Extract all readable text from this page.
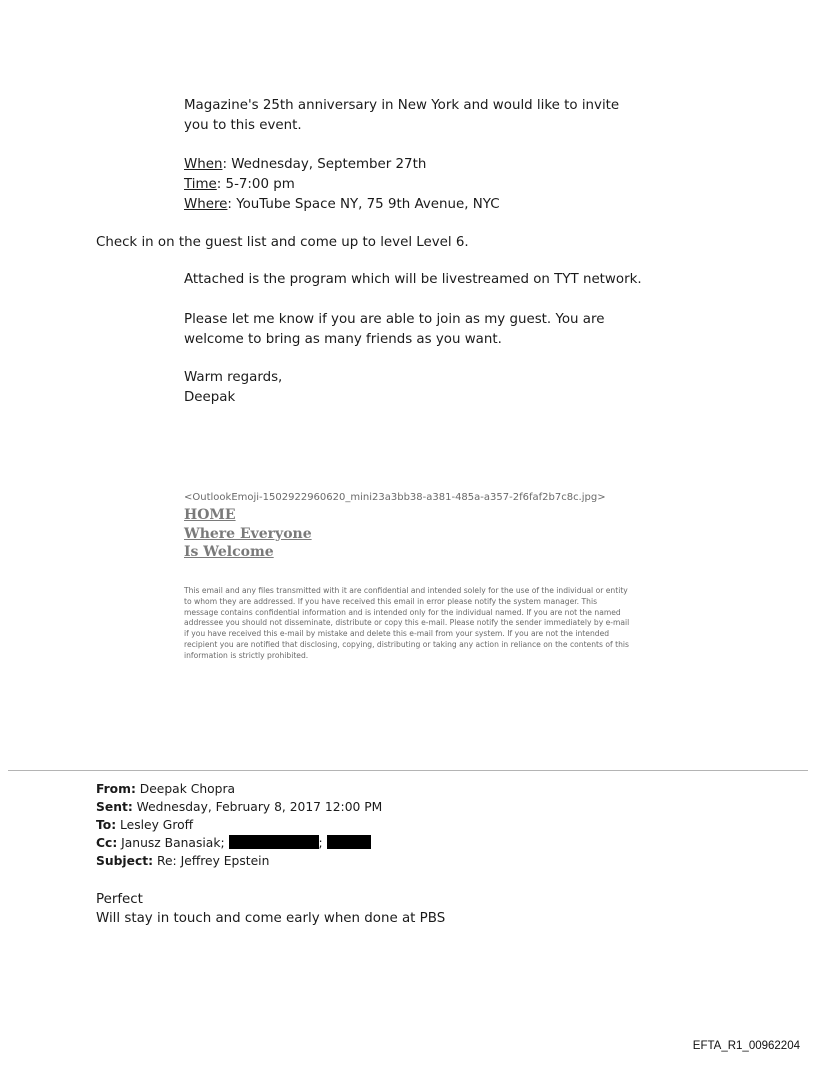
Magazine's 25th anniversary in New York and would like to invite
you to this event.
When: Wednesday, September 27th
Time: 5-7:00 pm
Where: YouTube Space NY, 75 9th Avenue, NYC
Check in on the guest list and come up to level Level 6.
Attached is the program which will be livestreamed on TYT network.
Please let me know if you are able to join as my guest. You are
welcome to bring as many friends as you want.
Warm regards,
Deepak
<OutlookEmoji-1502922960620_mini23a3bb38-a381-485a-a357-2f6faf2b7c8c.jpg>
HOME
Where Everyone
Is Welcome
This email and any files transmitted with it are confidential and intended solely for the use of the individual or entity to whom they are addressed. If you have received this email in error please notify the system manager. This message contains confidential information and is intended only for the individual named. If you are not the named addressee you should not disseminate, distribute or copy this e-mail. Please notify the sender immediately by e-mail if you have received this e-mail by mistake and delete this e-mail from your system. If you are not the intended recipient you are notified that disclosing, copying, distributing or taking any action in reliance on the contents of this information is strictly prohibited.
From: Deepak Chopra
Sent: Wednesday, February 8, 2017 12:00 PM
To: Lesley Groff
Cc: Janusz Banasiak;	;
Subject: Re: Jeffrey Epstein
Perfect
Will stay in touch and come early when done at PBS
EFTA_R1_00962204
